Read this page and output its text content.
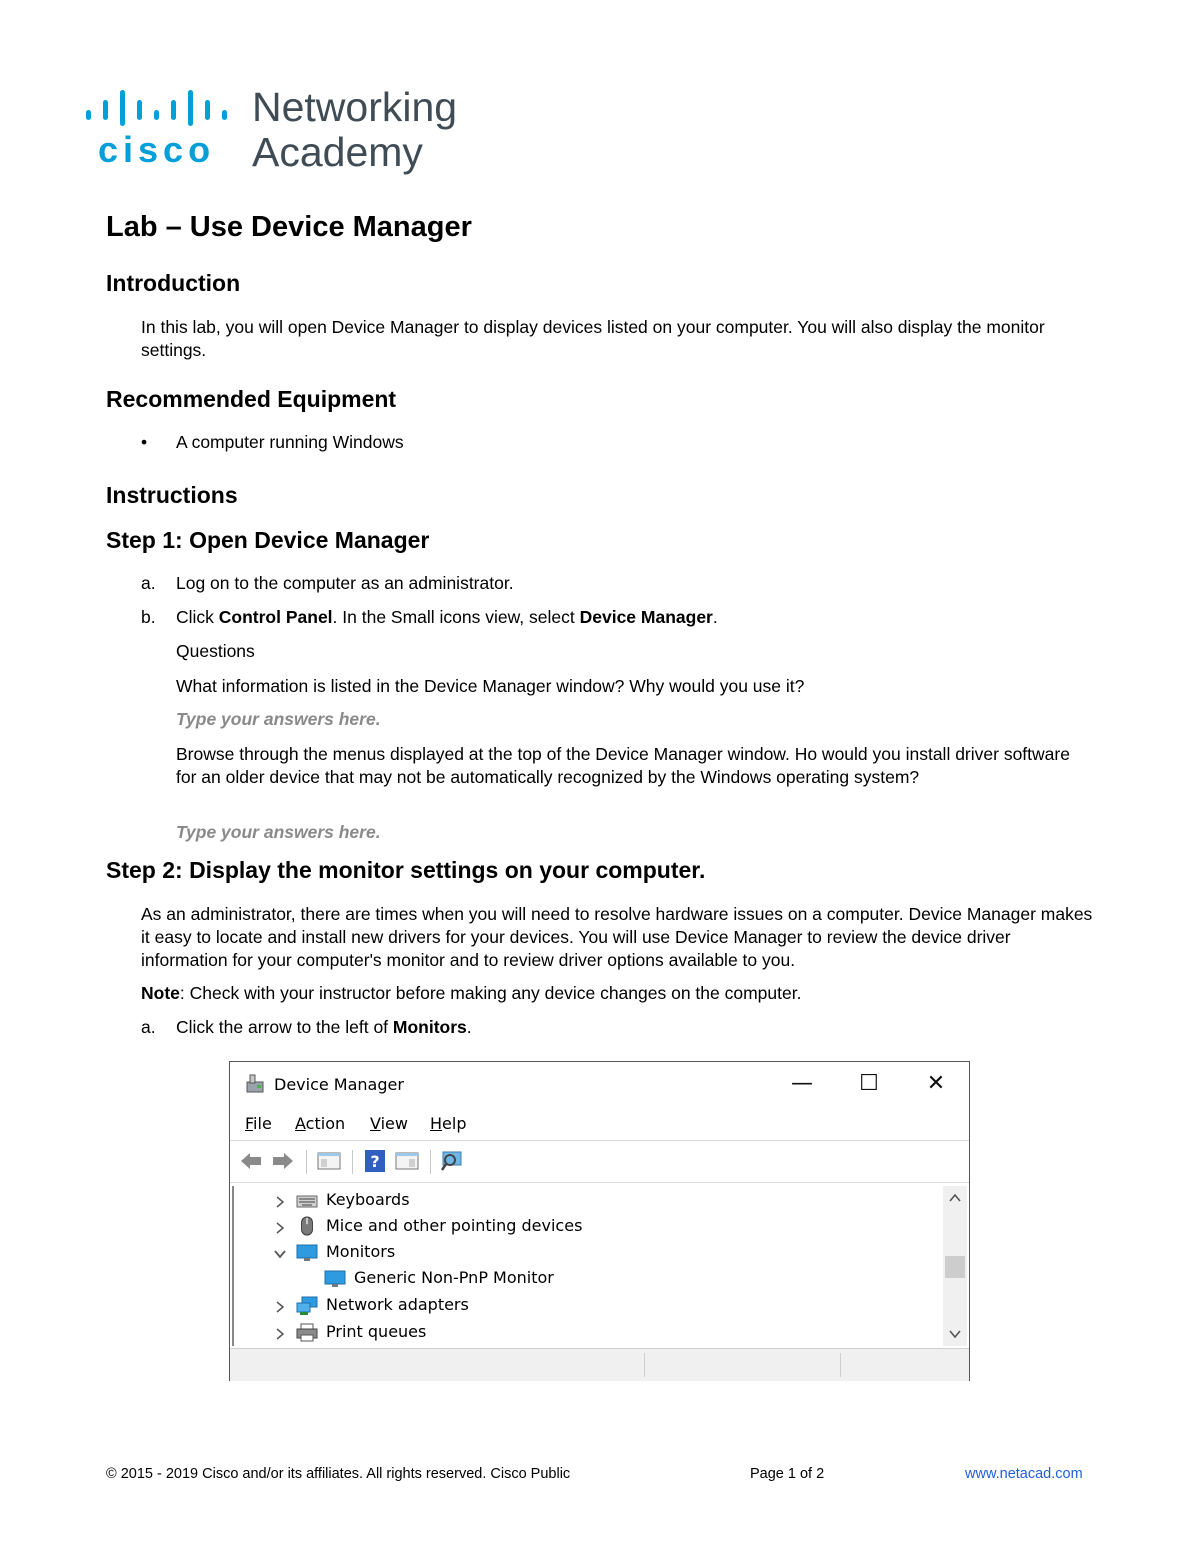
cisco
Networking
Academy
Lab – Use Device Manager
Introduction
In this lab, you will open Device Manager to display devices listed on your computer. You will also display the monitor settings.
Recommended Equipment
• A computer running Windows
Instructions
Step 1: Open Device Manager
a. Log on to the computer as an administrator.
b. Click Control Panel. In the Small icons view, select Device Manager.
Questions
What information is listed in the Device Manager window? Why would you use it?
Type your answers here.
Browse through the menus displayed at the top of the Device Manager window. Ho would you install driver software for an older device that may not be automatically recognized by the Windows operating system?
Type your answers here.
Step 2: Display the monitor settings on your computer.
As an administrator, there are times when you will need to resolve hardware issues on a computer. Device Manager makes it easy to locate and install new drivers for your devices. You will use Device Manager to review the device driver information for your computer's monitor and to review driver options available to you.
Note: Check with your instructor before making any device changes on the computer.
a. Click the arrow to the left of Monitors.
Device Manager	—	☐	✕
File Action View Help
?
Keyboards
Mice and other pointing devices
Monitors
Generic Non-PnP Monitor
Network adapters
Print queues
© 2015 - 2019 Cisco and/or its affiliates. All rights reserved. Cisco Public	Page 1 of 2	www.netacad.com
